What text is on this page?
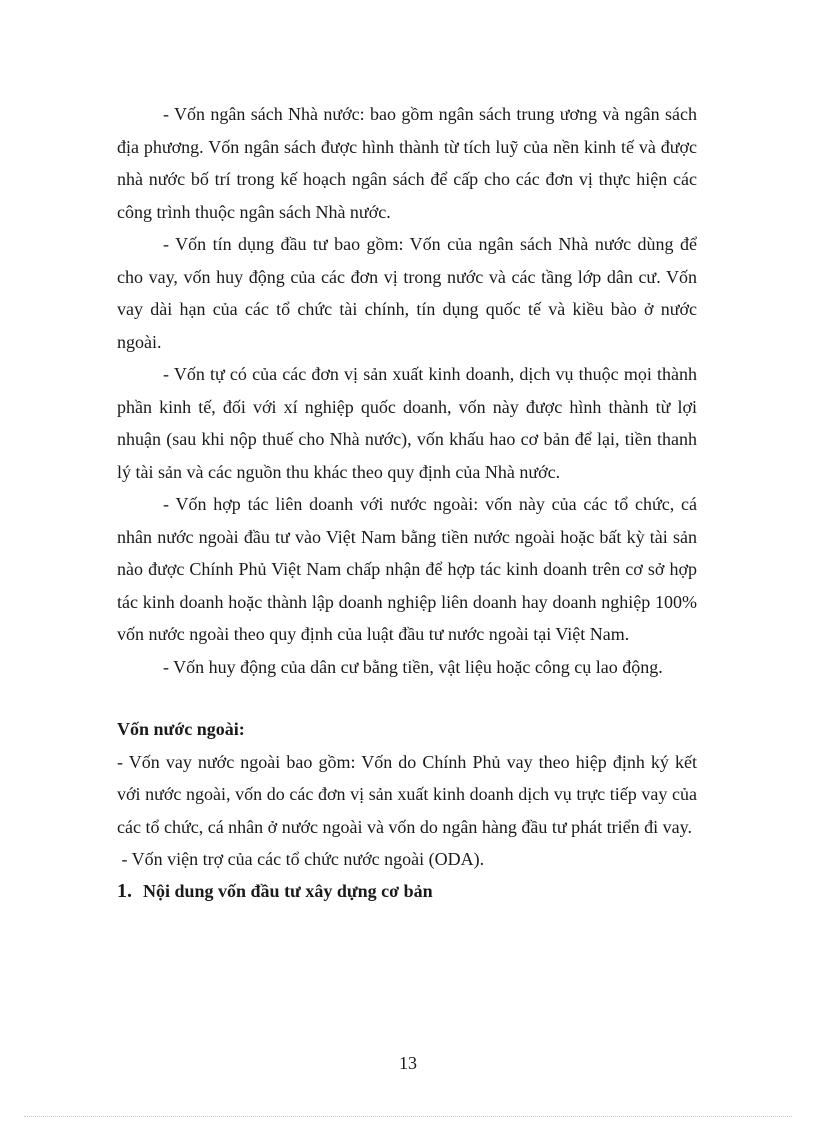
- Vốn ngân sách Nhà nước: bao gồm ngân sách trung ương và ngân sách địa phương. Vốn ngân sách được hình thành từ tích luỹ của nền kinh tế và được nhà nước bố trí trong kế hoạch ngân sách để cấp cho các đơn vị thực hiện các công trình thuộc ngân sách Nhà nước.

- Vốn tín dụng đầu tư bao gồm: Vốn của ngân sách Nhà nước dùng để cho vay, vốn huy động của các đơn vị trong nước và các tầng lớp dân cư. Vốn vay dài hạn của các tổ chức tài chính, tín dụng quốc tế và kiều bào ở nước ngoài.

- Vốn tự có của các đơn vị sản xuất kinh doanh, dịch vụ thuộc mọi thành phần kinh tế, đối với xí nghiệp quốc doanh, vốn này được hình thành từ lợi nhuận (sau khi nộp thuế cho Nhà nước), vốn khấu hao cơ bản để lại, tiền thanh lý tài sản và các nguồn thu khác theo quy định của Nhà nước.

- Vốn hợp tác liên doanh với nước ngoài: vốn này của các tổ chức, cá nhân nước ngoài đầu tư vào Việt Nam bằng tiền nước ngoài hoặc bất kỳ tài sản nào được Chính Phủ Việt Nam chấp nhận để hợp tác kinh doanh trên cơ sở hợp tác kinh doanh hoặc thành lập doanh nghiệp liên doanh hay doanh nghiệp 100% vốn nước ngoài theo quy định của luật đầu tư nước ngoài tại Việt Nam.

- Vốn huy động của dân cư bằng tiền, vật liệu hoặc công cụ lao động.

Vốn nước ngoài:

- Vốn vay nước ngoài bao gồm: Vốn do Chính Phủ vay theo hiệp định ký kết với nước ngoài, vốn do các đơn vị sản xuất kinh doanh dịch vụ trực tiếp vay của các tổ chức, cá nhân ở nước ngoài và vốn do ngân hàng đầu tư phát triển đi vay.

- Vốn viện trợ của các tổ chức nước ngoài (ODA).

1. Nội dung vốn đầu tư xây dựng cơ bản
13
